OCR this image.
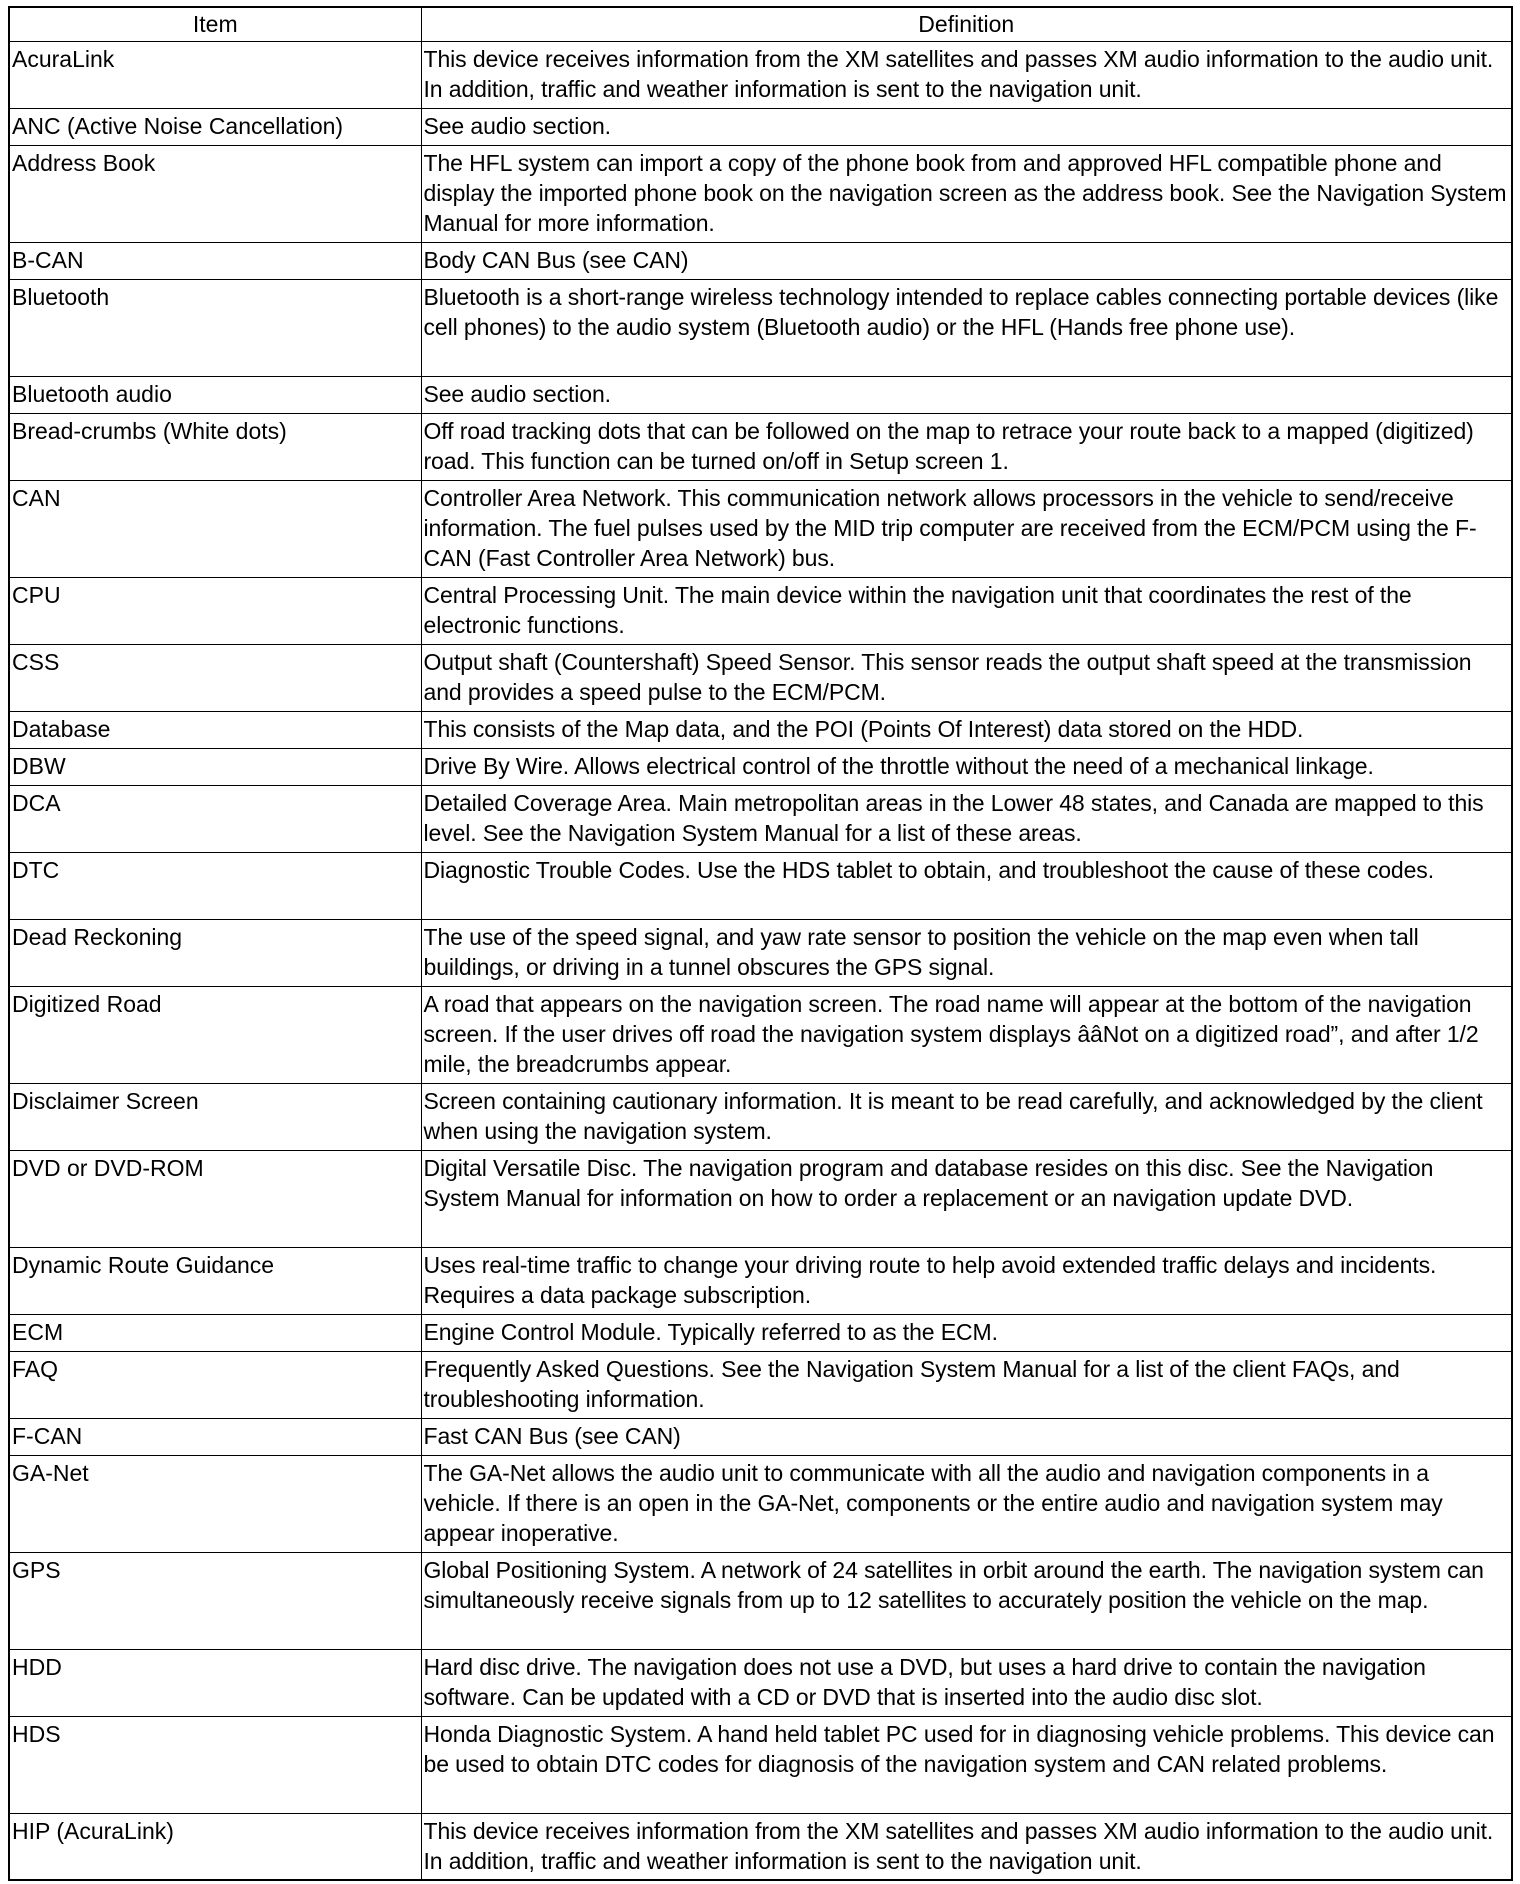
Item	Definition
AcuraLink	This device receives information from the XM satellites and passes XM audio information to the audio unit. In addition, traffic and weather information is sent to the navigation unit.
ANC (Active Noise Cancellation)	See audio section.
Address Book	The HFL system can import a copy of the phone book from and approved HFL compatible phone and display the imported phone book on the navigation screen as the address book. See the Navigation System Manual for more information.
B-CAN	Body CAN Bus (see CAN)
Bluetooth	Bluetooth is a short-range wireless technology intended to replace cables connecting portable devices (like cell phones) to the audio system (Bluetooth audio) or the HFL (Hands free phone use).
Bluetooth audio	See audio section.
Bread-crumbs (White dots)	Off road tracking dots that can be followed on the map to retrace your route back to a mapped (digitized) road. This function can be turned on/off in Setup screen 1.
CAN	Controller Area Network. This communication network allows processors in the vehicle to send/receive information. The fuel pulses used by the MID trip computer are received from the ECM/PCM using the F-CAN (Fast Controller Area Network) bus.
CPU	Central Processing Unit. The main device within the navigation unit that coordinates the rest of the electronic functions.
CSS	Output shaft (Countershaft) Speed Sensor. This sensor reads the output shaft speed at the transmission and provides a speed pulse to the ECM/PCM.
Database	This consists of the Map data, and the POI (Points Of Interest) data stored on the HDD.
DBW	Drive By Wire. Allows electrical control of the throttle without the need of a mechanical linkage.
DCA	Detailed Coverage Area. Main metropolitan areas in the Lower 48 states, and Canada are mapped to this level. See the Navigation System Manual for a list of these areas.
DTC	Diagnostic Trouble Codes. Use the HDS tablet to obtain, and troubleshoot the cause of these codes.
Dead Reckoning	The use of the speed signal, and yaw rate sensor to position the vehicle on the map even when tall buildings, or driving in a tunnel obscures the GPS signal.
Digitized Road	A road that appears on the navigation screen. The road name will appear at the bottom of the navigation screen. If the user drives off road the navigation system displays ââNot on a digitized road”, and after 1/2 mile, the breadcrumbs appear.
Disclaimer Screen	Screen containing cautionary information. It is meant to be read carefully, and acknowledged by the client when using the navigation system.
DVD or DVD-ROM	Digital Versatile Disc. The navigation program and database resides on this disc. See the Navigation System Manual for information on how to order a replacement or an navigation update DVD.
Dynamic Route Guidance	Uses real-time traffic to change your driving route to help avoid extended traffic delays and incidents. Requires a data package subscription.
ECM	Engine Control Module. Typically referred to as the ECM.
FAQ	Frequently Asked Questions. See the Navigation System Manual for a list of the client FAQs, and troubleshooting information.
F-CAN	Fast CAN Bus (see CAN)
GA-Net	The GA-Net allows the audio unit to communicate with all the audio and navigation components in a vehicle. If there is an open in the GA-Net, components or the entire audio and navigation system may appear inoperative.
GPS	Global Positioning System. A network of 24 satellites in orbit around the earth. The navigation system can simultaneously receive signals from up to 12 satellites to accurately position the vehicle on the map.
HDD	Hard disc drive. The navigation does not use a DVD, but uses a hard drive to contain the navigation software. Can be updated with a CD or DVD that is inserted into the audio disc slot.
HDS	Honda Diagnostic System. A hand held tablet PC used for in diagnosing vehicle problems. This device can be used to obtain DTC codes for diagnosis of the navigation system and CAN related problems.
HIP (AcuraLink)	This device receives information from the XM satellites and passes XM audio information to the audio unit. In addition, traffic and weather information is sent to the navigation unit.
